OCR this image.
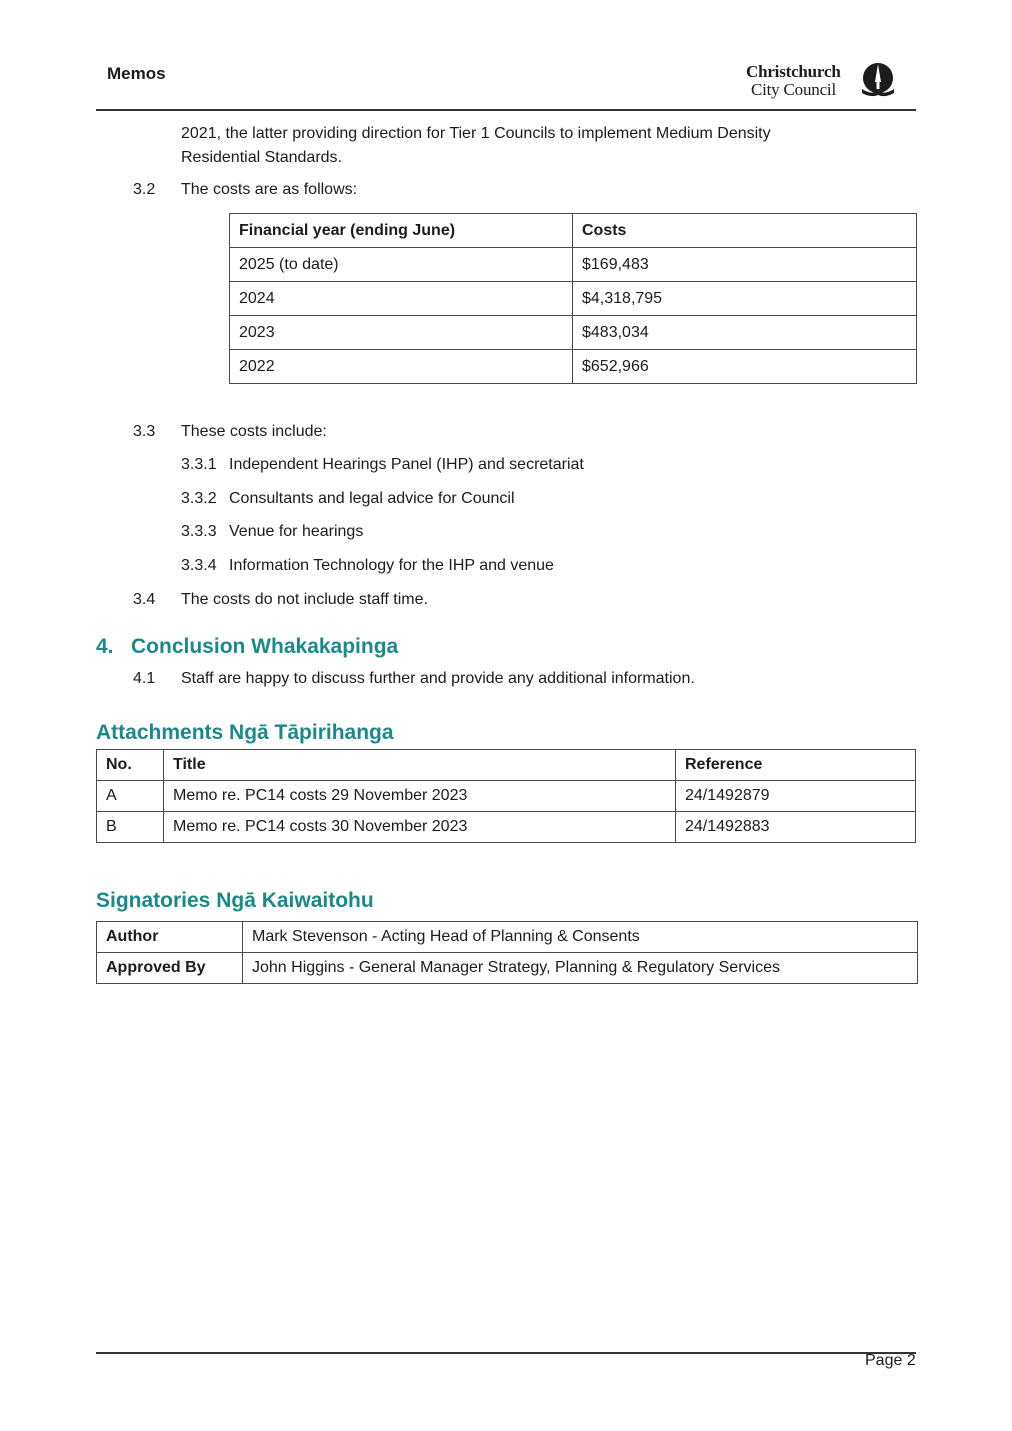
Memos	Christchurch
City Council
2021, the latter providing direction for Tier 1 Councils to implement Medium Density
Residential Standards.
3.2 The costs are as follows:
Financial year (ending June)	Costs
2025 (to date)	$169,483
2024	$4,318,795
2023	$483,034
2022	$652,966
3.3 These costs include:
3.3.1 Independent Hearings Panel (IHP) and secretariat
3.3.2 Consultants and legal advice for Council
3.3.3 Venue for hearings
3.3.4 Information Technology for the IHP and venue
3.4 The costs do not include staff time.
4.   Conclusion Whakakapinga
4.1 Staff are happy to discuss further and provide any additional information.
Attachments Ngā Tāpirihanga
No.	Title	Reference
A	Memo re. PC14 costs 29 November 2023	24/1492879
B	Memo re. PC14 costs 30 November 2023	24/1492883
Signatories Ngā Kaiwaitohu
Author	Mark Stevenson - Acting Head of Planning & Consents
Approved By	John Higgins - General Manager Strategy, Planning & Regulatory Services
Page 2
